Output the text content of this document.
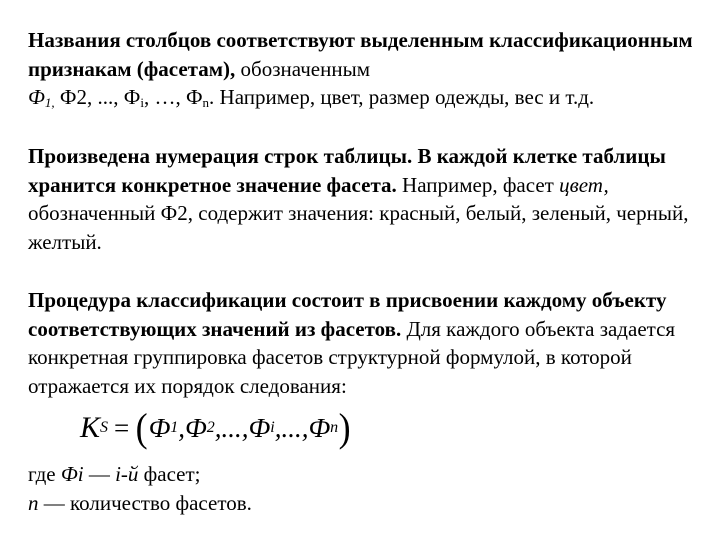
Названия столбцов соответствуют выделенным классификационным признакам (фасетам), обозначенным
$Ф_{1,}$ Ф2, ..., $Ф_i$, …, $Ф_n$. Например, цвет, размер одежды, вес и т.д.

Произведена нумерация строк таблицы. В каждой клетке таблицы хранится конкретное значение фасета. Например, фасет цвет, обозначенный Ф2, содержит значения: красный, белый, зеленый, черный, желтый.

Процедура классификации состоит в присвоении каждому объекту соответствующих значений из фасетов. Для каждого объекта задается конкретная группировка фасетов структурной формулой, в которой отражается их порядок следования:

K S = ( Ф 1 , Ф 2 ,..., Ф i ,..., Ф n )

где Фi — i-й фасет;
n — количество фасетов.
